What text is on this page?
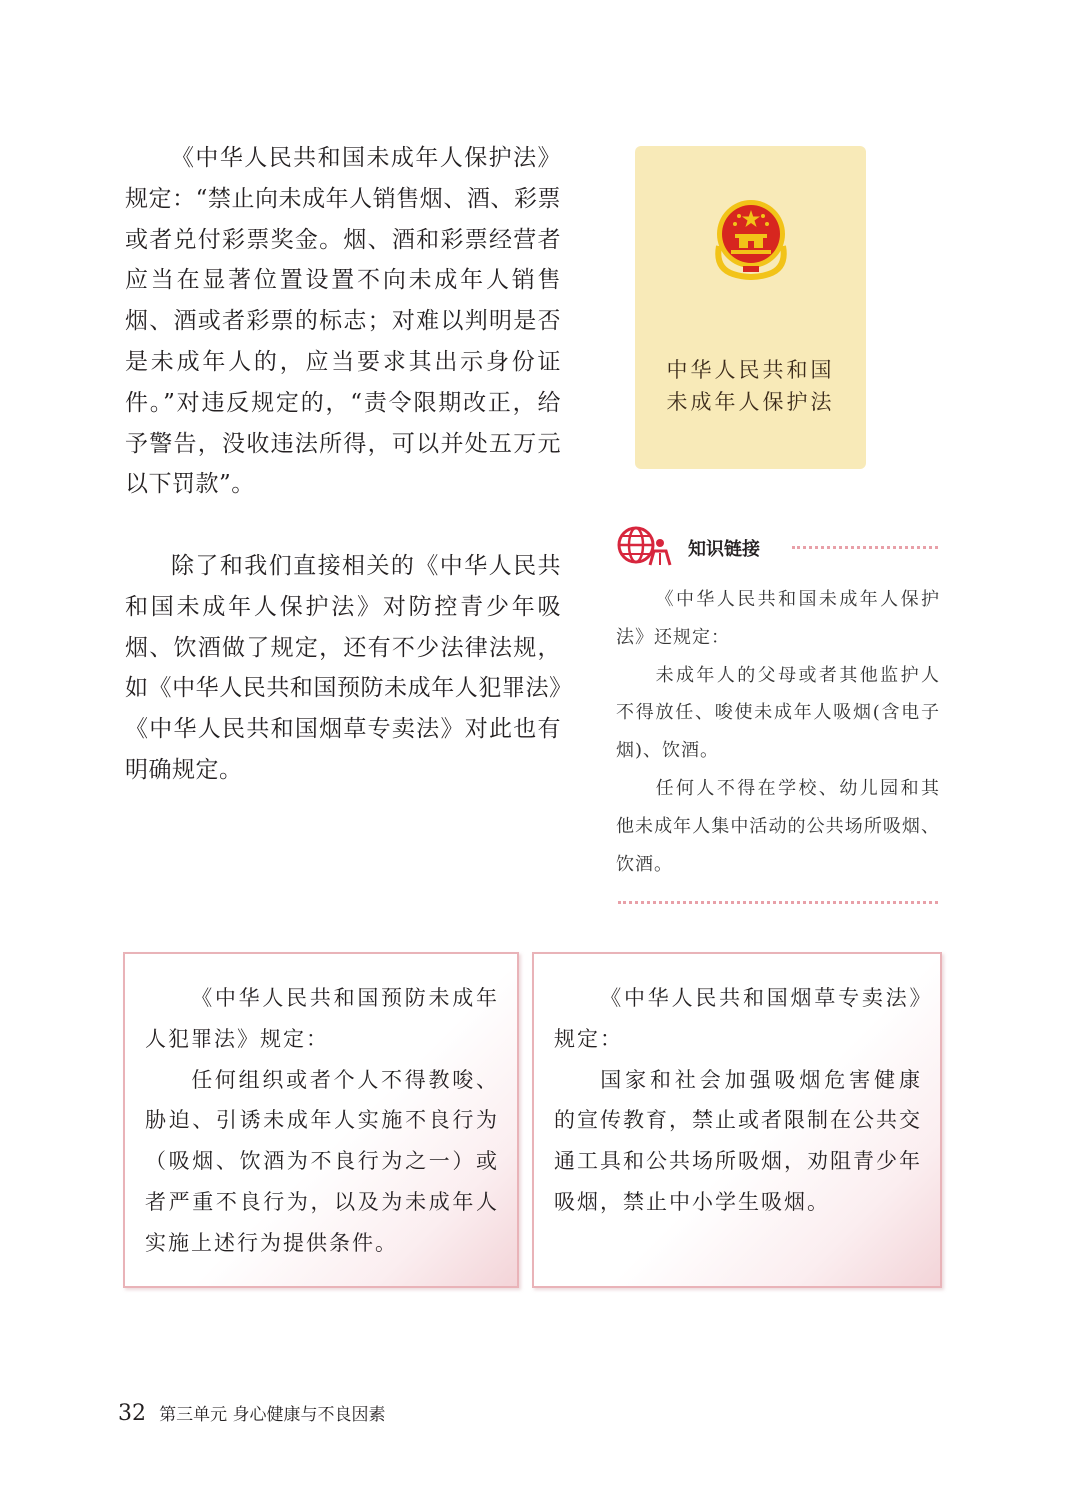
《中华人民共和国未成年人保护法》规定：“禁止向未成年人销售烟、酒、彩票或者兑付彩票奖金。烟、酒和彩票经营者应当在显著位置设置不向未成年人销售烟、酒或者彩票的标志；对难以判明是否是未成年人的，应当要求其出示身份证件。”对违反规定的，“责令限期改正，给予警告，没收违法所得，可以并处五万元以下罚款”。

除了和我们直接相关的《中华人民共和国未成年人保护法》对防控青少年吸烟、饮酒做了规定，还有不少法律法规，如《中华人民共和国预防未成年人犯罪法》《中华人民共和国烟草专卖法》对此也有明确规定。

中华人民共和国
未成年人保护法
知识链接

《中华人民共和国未成年人保护法》还规定：

未成年人的父母或者其他监护人不得放任、唆使未成年人吸烟(含电子烟)、饮酒。

任何人不得在学校、幼儿园和其他未成年人集中活动的公共场所吸烟、饮酒。

《中华人民共和国预防未成年人犯罪法》规定：

任何组织或者个人不得教唆、胁迫、引诱未成年人实施不良行为（吸烟、饮酒为不良行为之一）或者严重不良行为，以及为未成年人实施上述行为提供条件。

《中华人民共和国烟草专卖法》规定：

国家和社会加强吸烟危害健康的宣传教育，禁止或者限制在公共交通工具和公共场所吸烟，劝阻青少年吸烟，禁止中小学生吸烟。

32 第三单元 身心健康与不良因素
